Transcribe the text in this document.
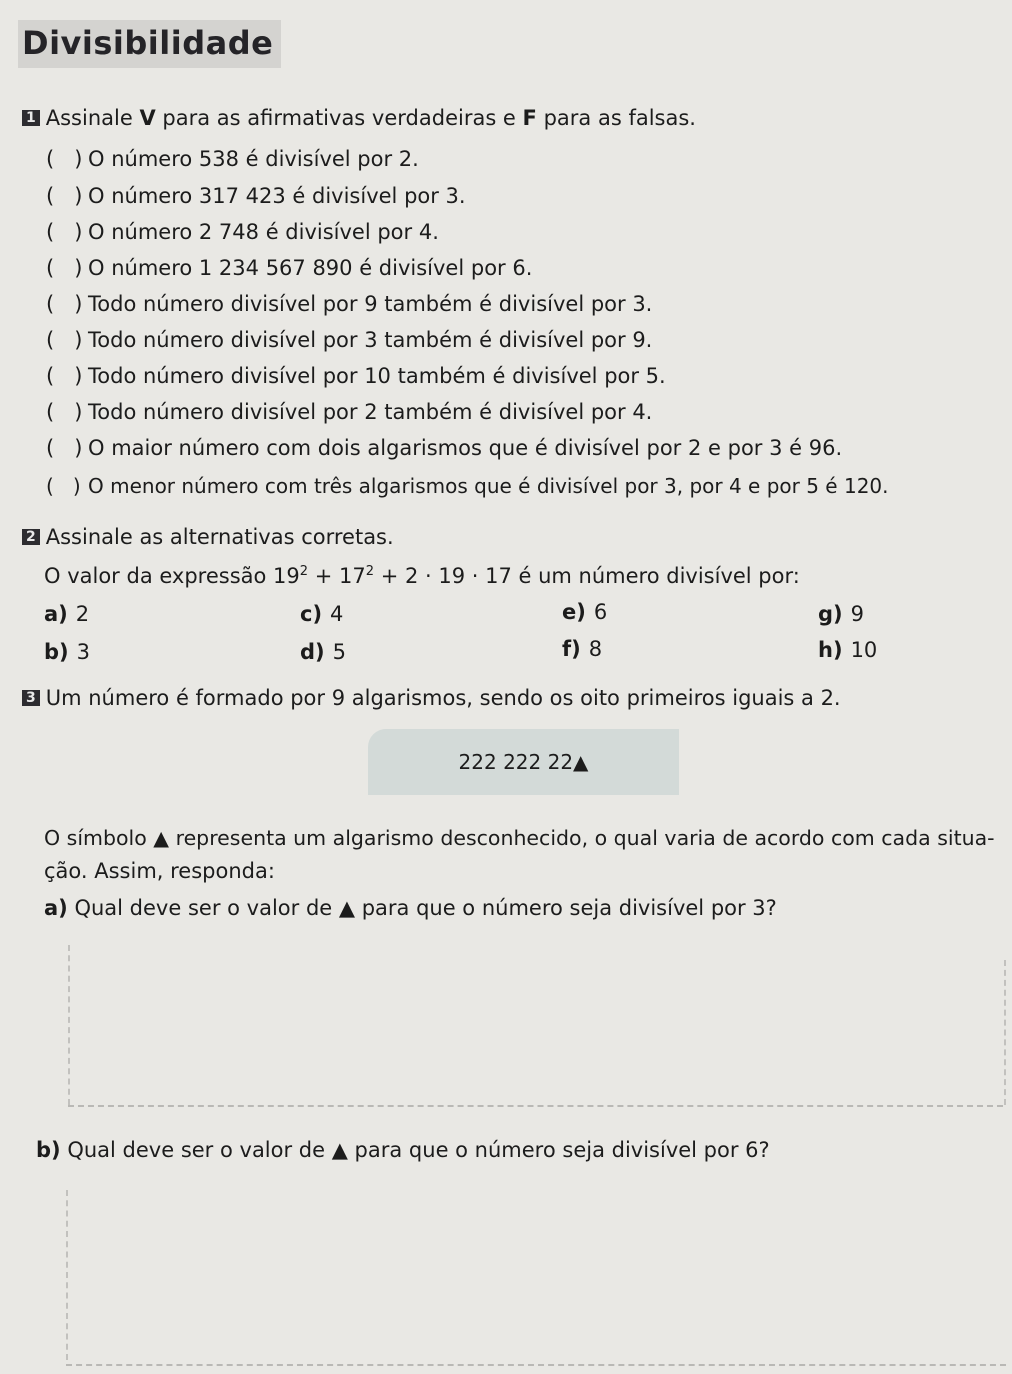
Divisibilidade
1 Assinale V para as afirmativas verdadeiras e F para as falsas.
(   ) O número 538 é divisível por 2.
(   ) O número 317 423 é divisível por 3.
(   ) O número 2 748 é divisível por 4.
(   ) O número 1 234 567 890 é divisível por 6.
(   ) Todo número divisível por 9 também é divisível por 3.
(   ) Todo número divisível por 3 também é divisível por 9.
(   ) Todo número divisível por 10 também é divisível por 5.
(   ) Todo número divisível por 2 também é divisível por 4.
(   ) O maior número com dois algarismos que é divisível por 2 e por 3 é 96.
(   ) O menor número com três algarismos que é divisível por 3, por 4 e por 5 é 120.
2 Assinale as alternativas corretas.
O valor da expressão $19^2 + 17^2 + 2 \cdot 19 \cdot 17$ é um número divisível por:
a) 2
b) 3
c) 4
d) 5
e) 6
f) 8
g) 9
h) 10
3 Um número é formado por 9 algarismos, sendo os oito primeiros iguais a 2.
222 222 22▲
O símbolo ▲ representa um algarismo desconhecido, o qual varia de acordo com cada situa-
ção. Assim, responda:
a) Qual deve ser o valor de ▲ para que o número seja divisível por 3?
b) Qual deve ser o valor de ▲ para que o número seja divisível por 6?
